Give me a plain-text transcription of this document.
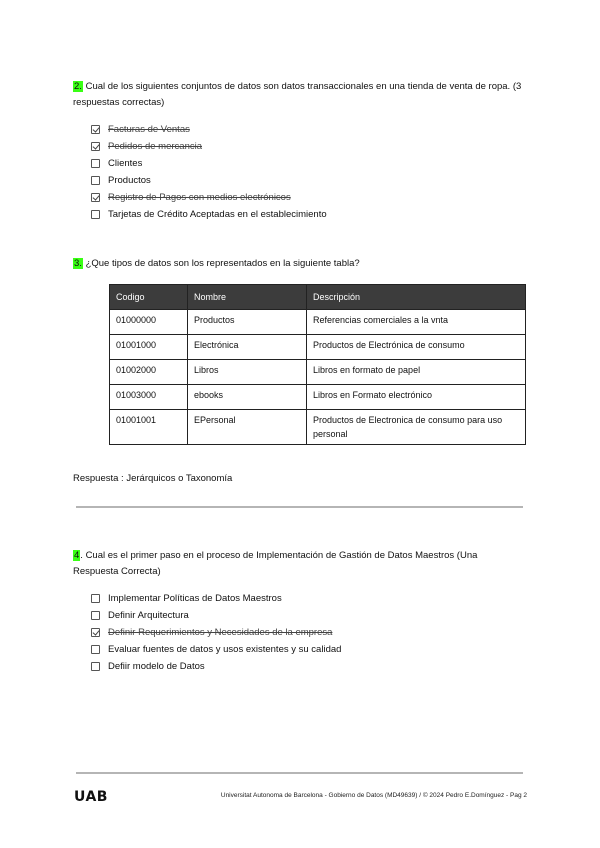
2. Cual de los siguientes conjuntos de datos son datos transaccionales en una tienda de venta de ropa. (3 respuestas correctas)
Facturas de Ventas
Pedidos de mercancia
Clientes
Productos
Registro de Pagos con medios electrónicos
Tarjetas de Crédito Aceptadas en el establecimiento
3. ¿Que tipos de datos son los representados en la siguiente tabla?
Codigo	Nombre	Descripción
01000000	Productos	Referencias comerciales a la vnta
01001000	Electrónica	Productos de Electrónica de consumo
01002000	Libros	Libros en formato de papel
01003000	ebooks	Libros en Formato electrónico
01001001	EPersonal	Productos de Electronica de consumo para uso personal
Respuesta : Jerárquicos o Taxonomía
4. Cual es el primer paso en el proceso de Implementación de Gastión de Datos Maestros (Una Respuesta Correcta)
Implementar Políticas de Datos Maestros
Definir Arquitectura
Definir Requerimientos y Necesidades de la empresa
Evaluar fuentes de datos y usos existentes y su calidad
Defiir modelo de Datos
UAB	Universitat Autonoma de Barcelona - Gobierno de Datos (MD49639) / © 2024 Pedro E.Domínguez - Pag 2
